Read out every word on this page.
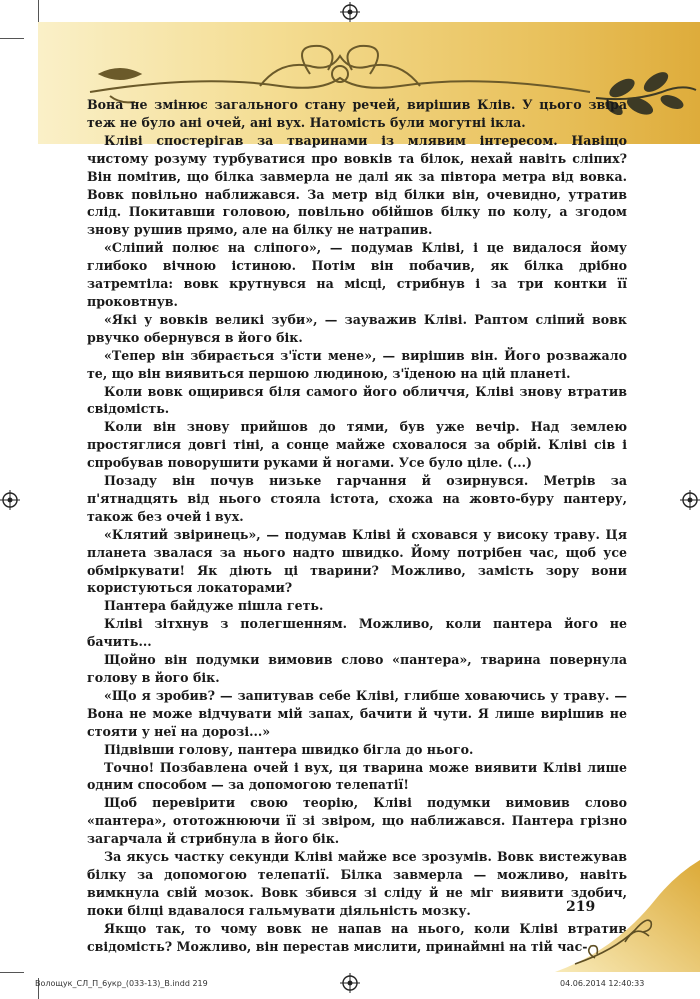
Вона не змінює загального стану речей, вирішив Клів. У цього звіра теж не було ані очей, ані вух. Натомість були могутні ікла.

Кліві спостерігав за тваринами із млявим інтересом. Навіщо чистому розуму турбуватися про вовків та білок, нехай навіть сліпих? Він помітив, що білка завмерла не далі як за півтора метра від вовка. Вовк повільно наближався. За метр від білки він, очевидно, утратив слід. Покитавши головою, повільно обійшов білку по колу, а згодом знову рушив прямо, але на білку не натрапив.

«Сліпий полює на сліпого», — подумав Кліві, і це видалося йому глибоко вічною істиною. Потім він побачив, як білка дрібно затремтіла: вовк крутнувся на місці, стрибнув і за три контки її проковтнув.

«Які у вовків великі зуби», — зауважив Кліві. Раптом сліпий вовк рвучко обернувся в його бік.

«Тепер він збирається з'їсти мене», — вирішив він. Його розважало те, що він виявиться першою людиною, з'їденою на цій планеті.

Коли вовк ощирився біля самого його обличчя, Кліві знову втратив свідомість.

Коли він знову прийшов до тями, був уже вечір. Над землею простяглися довгі тіні, а сонце майже сховалося за обрій. Кліві сів і спробував поворушити руками й ногами. Усе було ціле. (...)

Позаду він почув низьке гарчання й озирнувся. Метрів за п'ятнадцять від нього стояла істота, схожа на жовто-буру пантеру, також без очей і вух.

«Клятий звіринець», — подумав Кліві й сховався у високу траву. Ця планета звалася за нього надто швидко. Йому потрібен час, щоб усе обміркувати! Як діють ці тварини? Можливо, замість зору вони користуються локаторами?

Пантера байдуже пішла геть.

Кліві зітхнув з полегшенням. Можливо, коли пантера його не бачить...

Щойно він подумки вимовив слово «пантера», тварина повернула голову в його бік.

«Що я зробив? — запитував себе Кліві, глибше ховаючись у траву. — Вона не може відчувати мій запах, бачити й чути. Я лише вирішив не стояти у неї на дорозі...»

Підвівши голову, пантера швидко бігла до нього.

Точно! Позбавлена очей і вух, ця тварина може виявити Кліві лише одним способом — за допомогою телепатії!

Щоб перевірити свою теорію, Кліві подумки вимовив слово «пантера», ототожнюючи її зі звіром, що наближався. Пантера грізно загарчала й стрибнула в його бік.

За якусь частку секунди Кліві майже все зрозумів. Вовк виcтежував білку за допомогою телепатії. Білка завмерла — можливо, навіть вимкнула свій мозок. Вовк збився зі сліду й не міг виявити здобич, поки білці вдавалося гальмувати діяльність мозку.

Якщо так, то чому вовк не напав на нього, коли Кліві втратив свідомість? Можливо, він перестав мислити, принаймні на тій час-

219
Волощук_СЛ_П_6укр_(033-13)_B.indd 219	04.06.2014 12:40:33
